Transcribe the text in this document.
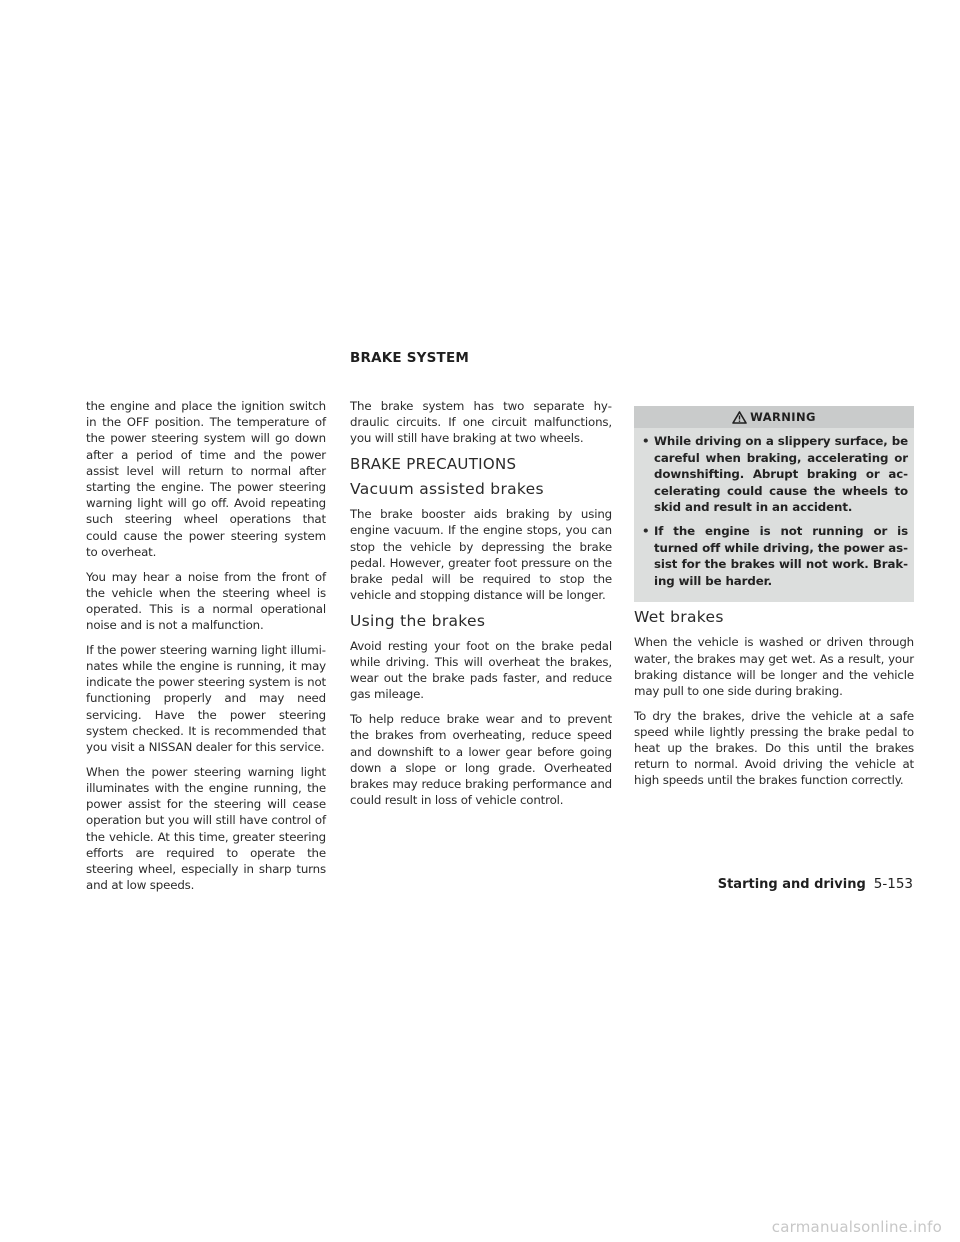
BRAKE SYSTEM

the engine and place the ignition switch in the OFF position. The temperature of the power steering system will go down after a period of time and the power assist level will return to normal after starting the engine. The power steering warning light will go off. Avoid repeating such steering wheel operations that could cause the power steering system to overheat.

You may hear a noise from the front of the vehicle when the steering wheel is operated. This is a normal operational noise and is not a malfunction.

If the power steering warning light illuminates while the engine is running, it may indicate the power steering system is not functioning properly and may need servicing. Have the power steering system checked. It is recommended that you visit a NISSAN dealer for this service.

When the power steering warning light illuminates with the engine running, the power assist for the steering will cease operation but you will still have control of the vehicle. At this time, greater steering efforts are required to operate the steering wheel, especially in sharp turns and at low speeds.

The brake system has two separate hydraulic circuits. If one circuit malfunctions, you will still have braking at two wheels.

BRAKE PRECAUTIONS
Vacuum assisted brakes

The brake booster aids braking by using engine vacuum. If the engine stops, you can stop the vehicle by depressing the brake pedal. However, greater foot pressure on the brake pedal will be required to stop the vehicle and stopping distance will be longer.

Using the brakes

Avoid resting your foot on the brake pedal while driving. This will overheat the brakes, wear out the brake pads faster, and reduce gas mileage.

To help reduce brake wear and to prevent the brakes from overheating, reduce speed and downshift to a lower gear before going down a slope or long grade. Overheated brakes may reduce braking performance and could result in loss of vehicle control.

WARNING
• While driving on a slippery surface, be careful when braking, accelerating or downshifting. Abrupt braking or accelerating could cause the wheels to skid and result in an accident.
• If the engine is not running or is turned off while driving, the power assist for the brakes will not work. Braking will be harder.
Wet brakes

When the vehicle is washed or driven through water, the brakes may get wet. As a result, your braking distance will be longer and the vehicle may pull to one side during braking.

To dry the brakes, drive the vehicle at a safe speed while lightly pressing the brake pedal to heat up the brakes. Do this until the brakes return to normal. Avoid driving the vehicle at high speeds until the brakes function correctly.

Starting and driving 5-153
carmanualsonline.info
